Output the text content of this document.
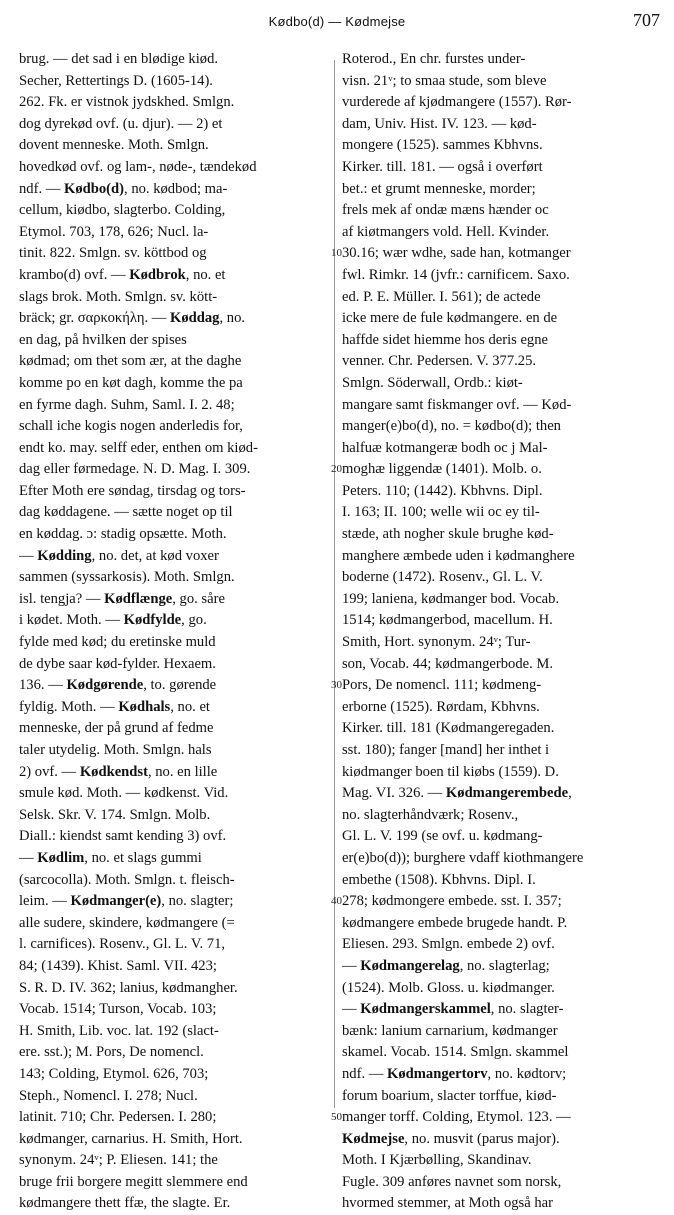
Kødbo(d) — Kødmejse	707
brug. — det sad i en blødige kiød.
Secher, Rettertings D. (1605-14).
262. Fk. er vistnok jydskhed. Smlgn.
dog dyrekød ovf. (u. djur). — 2) et
dovent menneske. Moth. Smlgn.
hovedkød ovf. og lam-, nøde-, tændekød
ndf. — Kødbo(d), no. kødbod; ma-
cellum, kiødbo, slagterbo. Colding,
Etymol. 703, 178, 626; Nucl. la-
tinit. 822. Smlgn. sv. köttbod og
krambo(d) ovf. — Kødbrok, no. et
slags brok. Moth. Smlgn. sv. kött-
bräck; gr. σαρκοκήλη. — Køddag, no.
en dag, på hvilken der spises
kødmad; om thet som ær, at the daghe
komme po en køt dagh, komme the pa
en fyrme dagh. Suhm, Saml. I. 2. 48;
schall iche kogis nogen anderledis for,
endt ko. may. selff eder, enthen om kiød-
dag eller førmedage. N. D. Mag. I. 309.
Efter Moth ere søndag, tirsdag og tors-
dag køddagene. — sætte noget op til
en køddag. ɔ: stadig opsætte. Moth.
— Kødding, no. det, at kød voxer
sammen (syssarkosis). Moth. Smlgn.
isl. tengja? — Kødflænge, go. såre
i kødet. Moth. — Kødfylde, go.
fylde med kød; du eretinske muld
de dybe saar kød-fylder. Hexaem.
136. — Kødgørende, to. gørende
fyldig. Moth. — Kødhals, no. et
menneske, der på grund af fedme
taler utydelig. Moth. Smlgn. hals
2) ovf. — Kødkendst, no. en lille
smule kød. Moth. — kødkenst. Vid.
Selsk. Skr. V. 174. Smlgn. Molb.
Diall.: kiendst samt kending 3) ovf.
— Kødlim, no. et slags gummi
(sarcocolla). Moth. Smlgn. t. fleisch-
leim. — Kødmanger(e), no. slagter;
alle sudere, skindere, kødmangere (=
l. carnifices). Rosenv., Gl. L. V. 71,
84; (1439). Khist. Saml. VII. 423;
S. R. D. IV. 362; lanius, kødmangher.
Vocab. 1514; Turson, Vocab. 103;
H. Smith, Lib. voc. lat. 192 (slact-
ere. sst.); M. Pors, De nomencl.
143; Colding, Etymol. 626, 703;
Steph., Nomencl. I. 278; Nucl.
latinit. 710; Chr. Pedersen. I. 280;
kødmanger, carnarius. H. Smith, Hort.
synonym. 24ᵛ; P. Eliesen. 141; the
bruge frii borgere megitt slemmere end
kødmangere thett ffæ, the slagte. Er.
Roterod., En chr. furstes under-
visn. 21ᵛ; to smaa stude, som bleve
vurderede af kjødmangere (1557). Rør-
dam, Univ. Hist. IV. 123. — kød-
mongere (1525). sammes Kbhvns.
Kirker. till. 181. — også i overført
bet.: et grumt menneske, morder;
frels mek af ondæ mæns hænder oc
af kiøtmangers vold. Hell. Kvinder.
30.16; wær wdhe, sade han, kotmanger
fwl. Rimkr. 14 (jvfr.: carnificem. Saxo.
ed. P. E. Müller. I. 561); de actede
icke mere de fule kødmangere. en de
haffde sidet hiemme hos deris egne
venner. Chr. Pedersen. V. 377.25.
Smlgn. Söderwall, Ordb.: kiøt-
mangare samt fiskmanger ovf. — Kød-
manger(e)bo(d), no. = kødbo(d); then
halfuæ kotmangeræ bodh oc j Mal-
moghæ liggendæ (1401). Molb. o.
Peters. 110; (1442). Kbhvns. Dipl.
I. 163; II. 100; welle wii oc ey til-
stæde, ath nogher skule brughe kød-
manghere æmbede uden i kødmanghere
boderne (1472). Rosenv., Gl. L. V.
199; laniena, kødmanger bod. Vocab.
1514; kødmangerbod, macellum. H.
Smith, Hort. synonym. 24ᵛ; Tur-
son, Vocab. 44; kødmangerbode. M.
Pors, De nomencl. 111; kødmeng-
erborne (1525). Rørdam, Kbhvns.
Kirker. till. 181 (Kødmangeregaden.
sst. 180); fanger [mand] her inthet i
kiødmanger boen til kiøbs (1559). D.
Mag. VI. 326. — Kødmangerembede,
no. slagterhåndværk; Rosenv.,
Gl. L. V. 199 (se ovf. u. kødmang-
er(e)bo(d)); burghere vdaff kiothmangere
embethe (1508). Kbhvns. Dipl. I.
278; kødmongere embede. sst. I. 357;
kødmangere embede brugede handt. P.
Eliesen. 293. Smlgn. embede 2) ovf.
— Kødmangerelag, no. slagterlag;
(1524). Molb. Gloss. u. kiødmanger.
— Kødmangerskammel, no. slagter-
bænk: lanium carnarium, kødmanger
skamel. Vocab. 1514. Smlgn. skammel
ndf. — Kødmangertorv, no. kødtorv;
forum boarium, slacter torffue, kiød-
manger torff. Colding, Etymol. 123. —
Kødmejse, no. musvit (parus major).
Moth. I Kjærbølling, Skandinav.
Fugle. 309 anføres navnet som norsk,
hvormed stemmer, at Moth også har
10
20
30
40
50
